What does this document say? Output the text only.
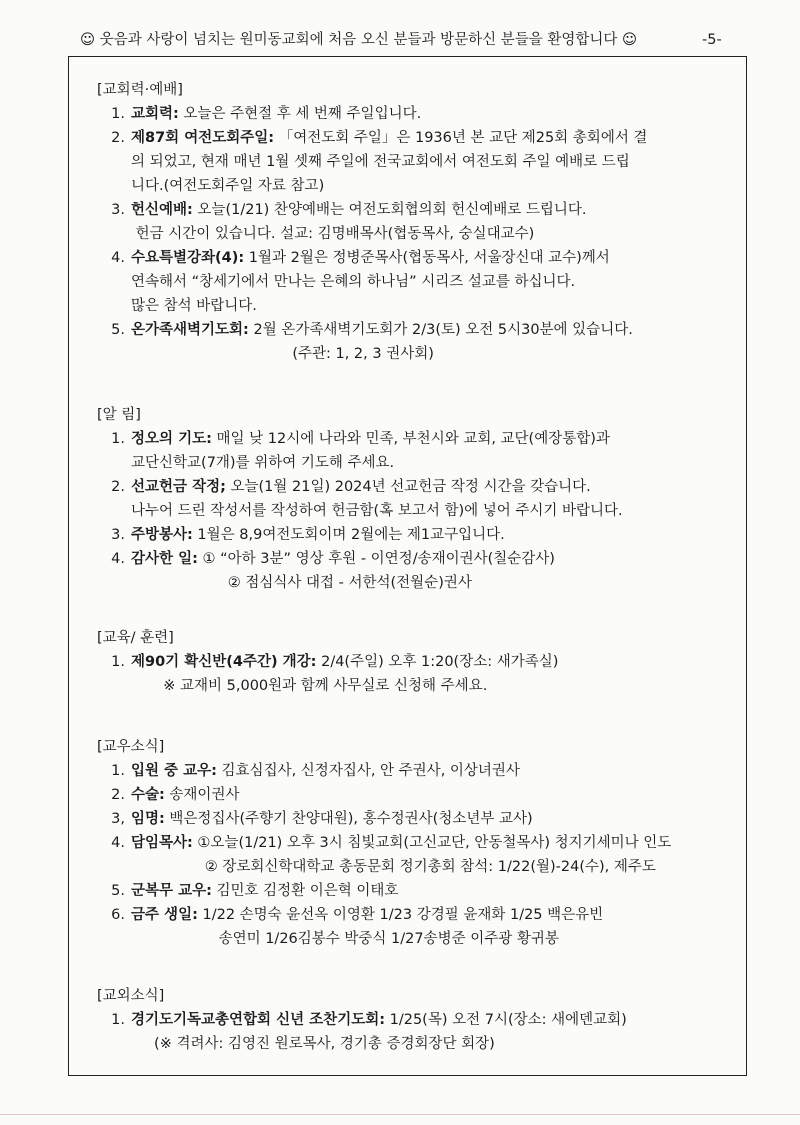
☺ 웃음과 사랑이 넘치는 원미동교회에 처음 오신 분들과 방문하신 분들을 환영합니다 ☺	-5-

[교회력·예배]

1. 교회력: 오늘은 주현절 후 세 번째 주일입니다.
2. 제87회 여전도회주일: 「여전도회 주일」은 1936년 본 교단 제25회 총회에서 결
의 되었고, 현재 매년 1월 셋째 주일에 전국교회에서 여전도회 주일 예배로 드립
니다.(여전도회주일 자료 참고)
3. 헌신예배: 오늘(1/21) 찬양예배는 여전도회협의회 헌신예배로 드립니다.
헌금 시간이 있습니다. 설교: 김명배목사(협동목사, 숭실대교수)
4. 수요특별강좌(4): 1월과 2월은 정병준목사(협동목사, 서울장신대 교수)께서
연속해서 “창세기에서 만나는 은혜의 하나님” 시리즈 설교를 하십니다.
많은 참석 바랍니다.
5. 온가족새벽기도회: 2월 온가족새벽기도회가 2/3(토) 오전 5시30분에 있습니다.
(주관: 1, 2, 3 권사회)

[알 림]

1. 정오의 기도: 매일 낮 12시에 나라와 민족, 부천시와 교회, 교단(예장통합)과
교단신학교(7개)를 위하여 기도해 주세요.
2. 선교헌금 작정; 오늘(1월 21일) 2024년 선교헌금 작정 시간을 갖습니다.
나누어 드린 작성서를 작성하여 헌금함(혹 보고서 함)에 넣어 주시기 바랍니다.
3. 주방봉사: 1월은 8,9여전도회이며 2월에는 제1교구입니다.
4. 감사한 일: ① “아하 3분” 영상 후원 - 이연정/송재이권사(칠순감사)
② 점심식사 대접 - 서한석(전월순)권사

[교육/ 훈련]

1. 제90기 확신반(4주간) 개강: 2/4(주일) 오후 1:20(장소: 새가족실)
※ 교재비 5,000원과 함께 사무실로 신청해 주세요.

[교우소식]

1. 입원 중 교우: 김효심집사, 신정자집사, 안 주권사, 이상녀권사
2. 수술: 송재이권사
3, 임명: 백은정집사(주향기 찬양대원), 홍수정권사(청소년부 교사)
4. 담임목사: ①오늘(1/21) 오후 3시 침빛교회(고신교단, 안동철목사) 청지기세미나 인도
② 장로회신학대학교 총동문회 정기총회 참석: 1/22(월)-24(수), 제주도
5. 군복무 교우: 김민호 김정환 이은혁 이태호
6. 금주 생일: 1/22 손명숙 윤선옥 이영환 1/23 강경필 윤재화 1/25 백은유빈
송연미 1/26김봉수 박중식 1/27송병준 이주광 황귀봉

[교외소식]

1. 경기도기독교총연합회 신년 조찬기도회: 1/25(목) 오전 7시(장소: 새에덴교회)
(※ 격려사: 김영진 원로목사, 경기총 증경회장단 회장)
